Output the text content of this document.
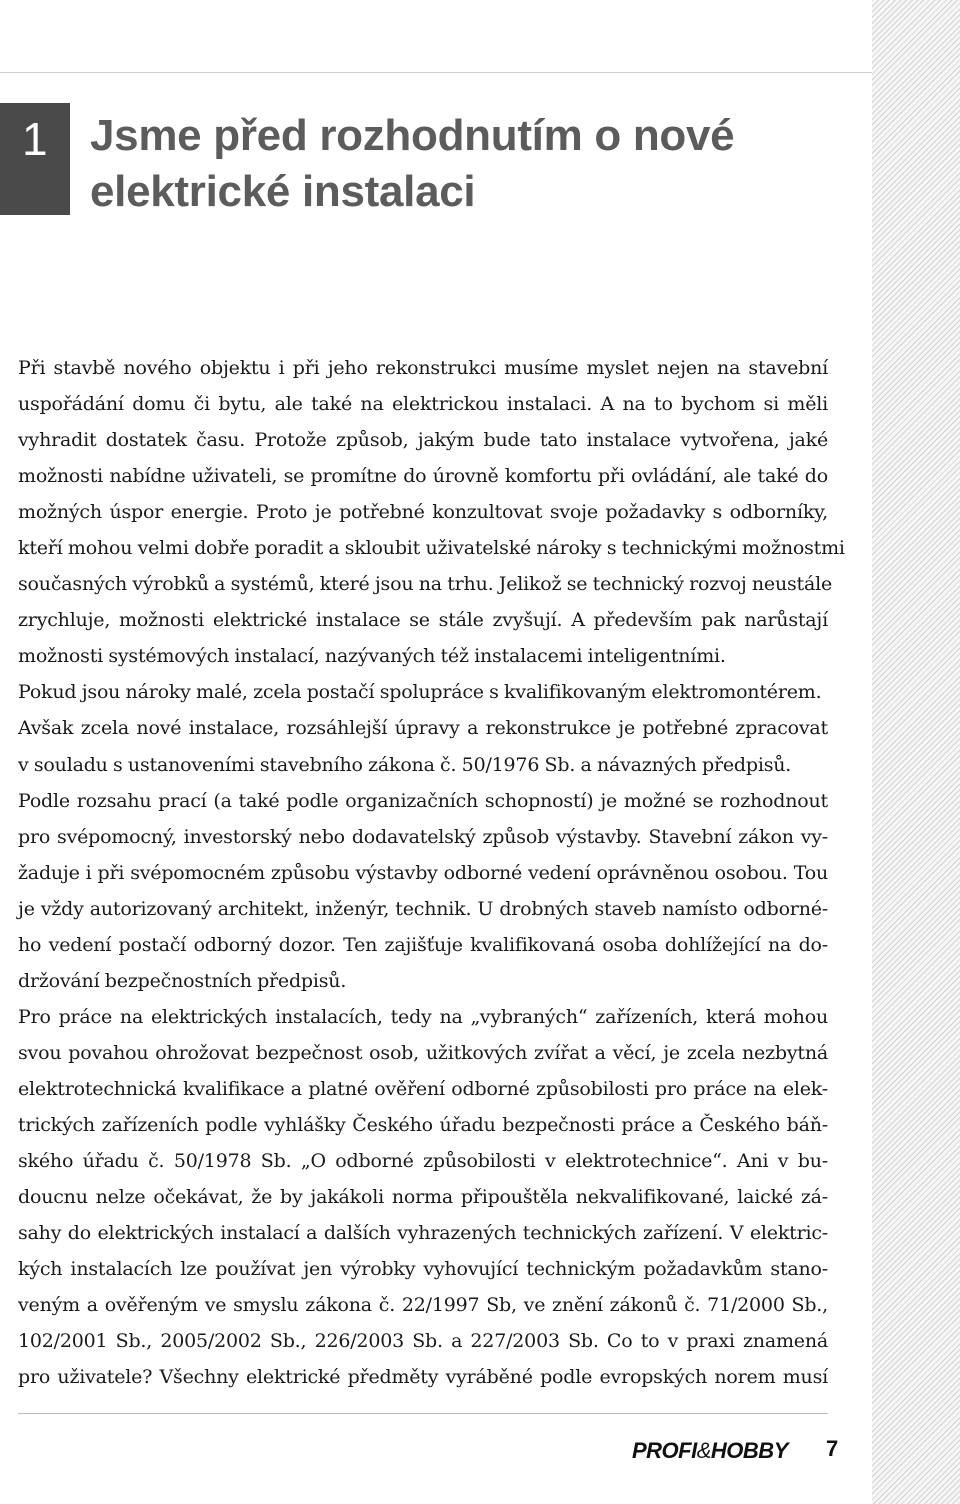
1 Jsme před rozhodnutím o nové
elektrické instalaci
Při stavbě nového objektu i při jeho rekonstrukci musíme myslet nejen na stavební
uspořádání domu či bytu, ale také na elektrickou instalaci. A na to bychom si měli
vyhradit dostatek času. Protože způsob, jakým bude tato instalace vytvořena, jaké
možnosti nabídne uživateli, se promítne do úrovně komfortu při ovládání, ale také do
možných úspor energie. Proto je potřebné konzultovat svoje požadavky s odborníky,
kteří mohou velmi dobře poradit a skloubit uživatelské nároky s technickými možnostmi
současných výrobků a systémů, které jsou na trhu. Jelikož se technický rozvoj neustále
zrychluje, možnosti elektrické instalace se stále zvyšují. A především pak narůstají
možnosti systémových instalací, nazývaných též instalacemi inteligentními.
Pokud jsou nároky malé, zcela postačí spolupráce s kvalifikovaným elektromontérem.
Avšak zcela nové instalace, rozsáhlejší úpravy a rekonstrukce je potřebné zpracovat
v souladu s ustanoveními stavebního zákona č. 50/1976 Sb. a návazných předpisů.
Podle rozsahu prací (a také podle organizačních schopností) je možné se rozhodnout
pro svépomocný, investorský nebo dodavatelský způsob výstavby. Stavební zákon vy-
žaduje i při svépomocném způsobu výstavby odborné vedení oprávněnou osobou. Tou
je vždy autorizovaný architekt, inženýr, technik. U drobných staveb namísto odborné-
ho vedení postačí odborný dozor. Ten zajišťuje kvalifikovaná osoba dohlížející na do-
držování bezpečnostních předpisů.
Pro práce na elektrických instalacích, tedy na „vybraných“ zařízeních, která mohou
svou povahou ohrožovat bezpečnost osob, užitkových zvířat a věcí, je zcela nezbytná
elektrotechnická kvalifikace a platné ověření odborné způsobilosti pro práce na elek-
trických zařízeních podle vyhlášky Českého úřadu bezpečnosti práce a Českého báň-
ského úřadu č. 50/1978 Sb. „O odborné způsobilosti v elektrotechnice“. Ani v bu-
doucnu nelze očekávat, že by jakákoli norma připouštěla nekvalifikované, laické zá-
sahy do elektrických instalací a dalších vyhrazených technických zařízení. V elektric-
kých instalacích lze používat jen výrobky vyhovující technickým požadavkům stano-
veným a ověřeným ve smyslu zákona č. 22/1997 Sb, ve znění zákonů č. 71/2000 Sb.,
102/2001 Sb., 2005/2002 Sb., 226/2003 Sb. a 227/2003 Sb. Co to v praxi znamená
pro uživatele? Všechny elektrické předměty vyráběné podle evropských norem musí
PROFI&HOBBY 7
